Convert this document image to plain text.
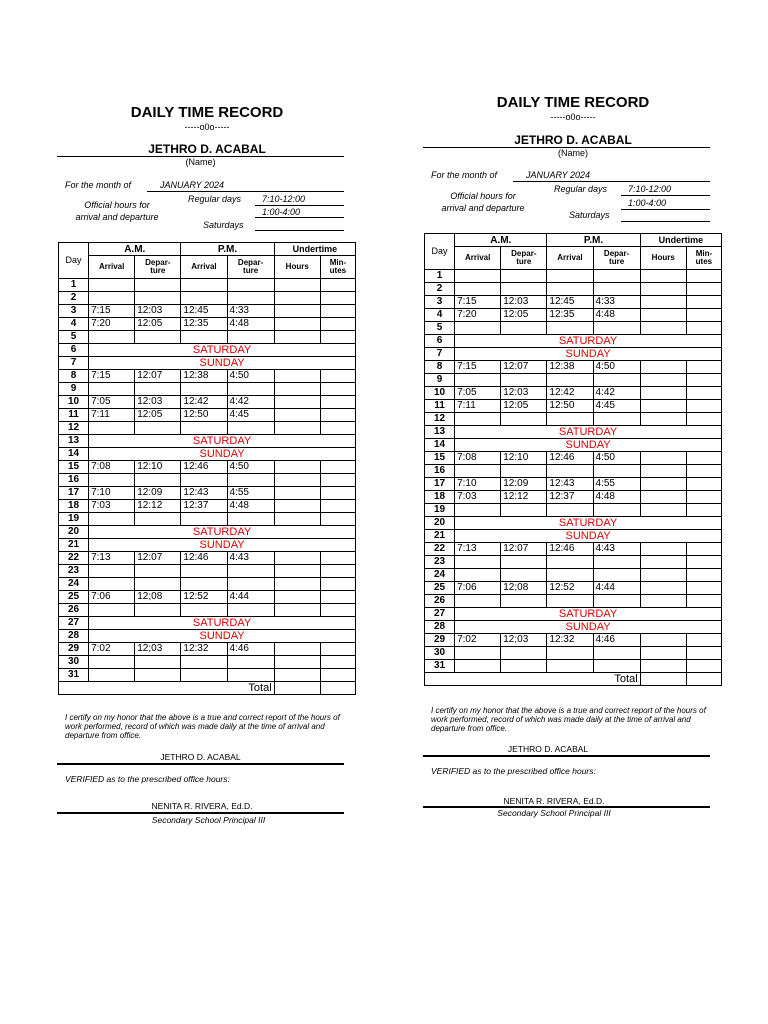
DAILY TIME RECORD
-----o0o-----
JETHRO D. ACABAL
(Name)
For the month of	JANUARY 2024
Regular days 7:10-12:00
Official hours for
1:00-4:00
arrival and departure
Saturdays
Day	A.M.		P.M.		Undertime	
	Arrival	Depar- ture	Arrival	Depar- ture	Hours	Min- utes
1						
2						
3	7:15	12:03	12:45	4:33		
4	7:20	12:05	12:35	4:48		
5						
6	SATURDAY					
7	SUNDAY					
8	7:15	12:07	12:38	4:50		
9						
10	7:05	12:03	12:42	4:42		
11	7:11	12:05	12:50	4:45		
12						
13	SATURDAY					
14	SUNDAY					
15	7:08	12:10	12:46	4:50		
16						
17	7:10	12:09	12:43	4:55		
18	7:03	12:12	12:37	4:48		
19						
20	SATURDAY					
21	SUNDAY					
22	7:13	12:07	12:46	4:43		
23						
24						
25	7:06	12;08	12:52	4:44		
26						
27	SATURDAY					
28	SUNDAY					
29	7:02	12;03	12:32	4:46		
30						
31						
Total						
I certify on my honor that the above is a true and correct report of the hours of work performed, record of which was made daily at the time of arrival and departure from office.
JETHRO D. ACABAL
VERIFIED as to the prescribed office hours:
NENITA R. RIVERA, Ed.D.
Secondary School Principal III
DAILY TIME RECORD
-----o0o-----
JETHRO D. ACABAL
(Name)
For the month of	JANUARY 2024
Regular days 7:10-12:00
Official hours for
1:00-4:00
arrival and departure
Saturdays
Day	A.M.		P.M.		Undertime	
	Arrival	Depar- ture	Arrival	Depar- ture	Hours	Min- utes
1						
2						
3	7:15	12:03	12:45	4:33		
4	7:20	12:05	12:35	4:48		
5						
6	SATURDAY					
7	SUNDAY					
8	7:15	12:07	12:38	4:50		
9						
10	7:05	12:03	12:42	4:42		
11	7:11	12:05	12:50	4:45		
12						
13	SATURDAY					
14	SUNDAY					
15	7:08	12:10	12:46	4:50		
16						
17	7:10	12:09	12:43	4:55		
18	7:03	12:12	12:37	4:48		
19						
20	SATURDAY					
21	SUNDAY					
22	7:13	12:07	12:46	4:43		
23						
24						
25	7:06	12;08	12:52	4:44		
26						
27	SATURDAY					
28	SUNDAY					
29	7:02	12;03	12:32	4:46		
30						
31						
Total						
I certify on my honor that the above is a true and correct report of the hours of work performed, record of which was made daily at the time of arrival and departure from office.
JETHRO D. ACABAL
VERIFIED as to the prescribed office hours:
NENITA R. RIVERA, Ed.D.
Secondary School Principal III
